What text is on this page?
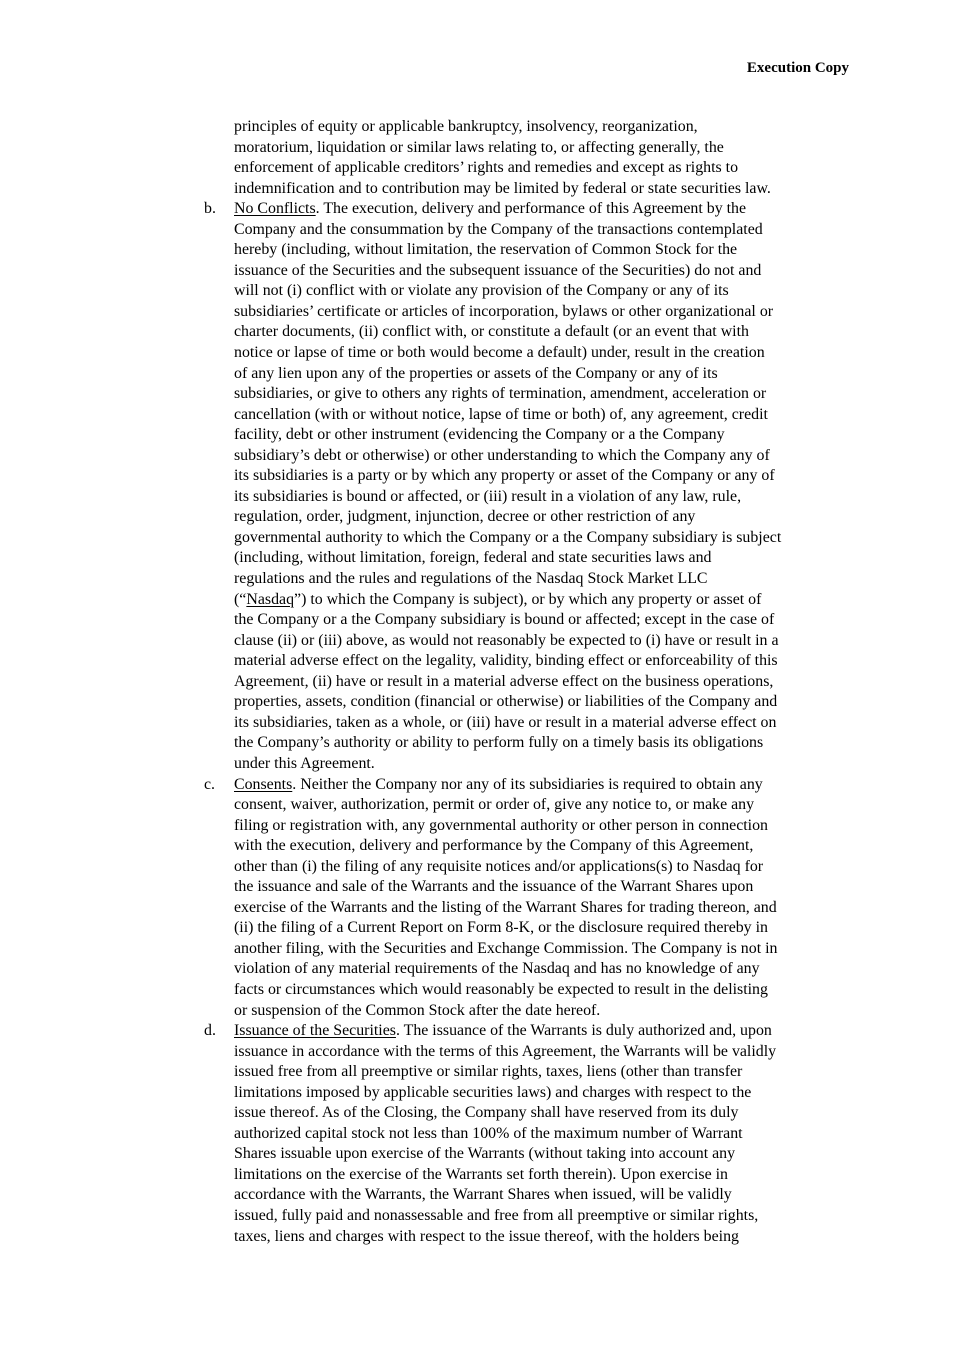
Execution Copy
principles of equity or applicable bankruptcy, insolvency, reorganization,
moratorium, liquidation or similar laws relating to, or affecting generally, the
enforcement of applicable creditors’ rights and remedies and except as rights to
indemnification and to contribution may be limited by federal or state securities law.
b. No Conflicts. The execution, delivery and performance of this Agreement by the
Company and the consummation by the Company of the transactions contemplated
hereby (including, without limitation, the reservation of Common Stock for the
issuance of the Securities and the subsequent issuance of the Securities) do not and
will not (i) conflict with or violate any provision of the Company or any of its
subsidiaries’ certificate or articles of incorporation, bylaws or other organizational or
charter documents, (ii) conflict with, or constitute a default (or an event that with
notice or lapse of time or both would become a default) under, result in the creation
of any lien upon any of the properties or assets of the Company or any of its
subsidiaries, or give to others any rights of termination, amendment, acceleration or
cancellation (with or without notice, lapse of time or both) of, any agreement, credit
facility, debt or other instrument (evidencing the Company or a the Company
subsidiary’s debt or otherwise) or other understanding to which the Company any of
its subsidiaries is a party or by which any property or asset of the Company or any of
its subsidiaries is bound or affected, or (iii) result in a violation of any law, rule,
regulation, order, judgment, injunction, decree or other restriction of any
governmental authority to which the Company or a the Company subsidiary is subject
(including, without limitation, foreign, federal and state securities laws and
regulations and the rules and regulations of the Nasdaq Stock Market LLC
(“Nasdaq”) to which the Company is subject), or by which any property or asset of
the Company or a the Company subsidiary is bound or affected; except in the case of
clause (ii) or (iii) above, as would not reasonably be expected to (i) have or result in a
material adverse effect on the legality, validity, binding effect or enforceability of this
Agreement, (ii) have or result in a material adverse effect on the business operations,
properties, assets, condition (financial or otherwise) or liabilities of the Company and
its subsidiaries, taken as a whole, or (iii) have or result in a material adverse effect on
the Company’s authority or ability to perform fully on a timely basis its obligations
under this Agreement.
c. Consents. Neither the Company nor any of its subsidiaries is required to obtain any
consent, waiver, authorization, permit or order of, give any notice to, or make any
filing or registration with, any governmental authority or other person in connection
with the execution, delivery and performance by the Company of this Agreement,
other than (i) the filing of any requisite notices and/or applications(s) to Nasdaq for
the issuance and sale of the Warrants and the issuance of the Warrant Shares upon
exercise of the Warrants and the listing of the Warrant Shares for trading thereon, and
(ii) the filing of a Current Report on Form 8-K, or the disclosure required thereby in
another filing, with the Securities and Exchange Commission. The Company is not in
violation of any material requirements of the Nasdaq and has no knowledge of any
facts or circumstances which would reasonably be expected to result in the delisting
or suspension of the Common Stock after the date hereof.
d. Issuance of the Securities. The issuance of the Warrants is duly authorized and, upon
issuance in accordance with the terms of this Agreement, the Warrants will be validly
issued free from all preemptive or similar rights, taxes, liens (other than transfer
limitations imposed by applicable securities laws) and charges with respect to the
issue thereof. As of the Closing, the Company shall have reserved from its duly
authorized capital stock not less than 100% of the maximum number of Warrant
Shares issuable upon exercise of the Warrants (without taking into account any
limitations on the exercise of the Warrants set forth therein). Upon exercise in
accordance with the Warrants, the Warrant Shares when issued, will be validly
issued, fully paid and nonassessable and free from all preemptive or similar rights,
taxes, liens and charges with respect to the issue thereof, with the holders being
